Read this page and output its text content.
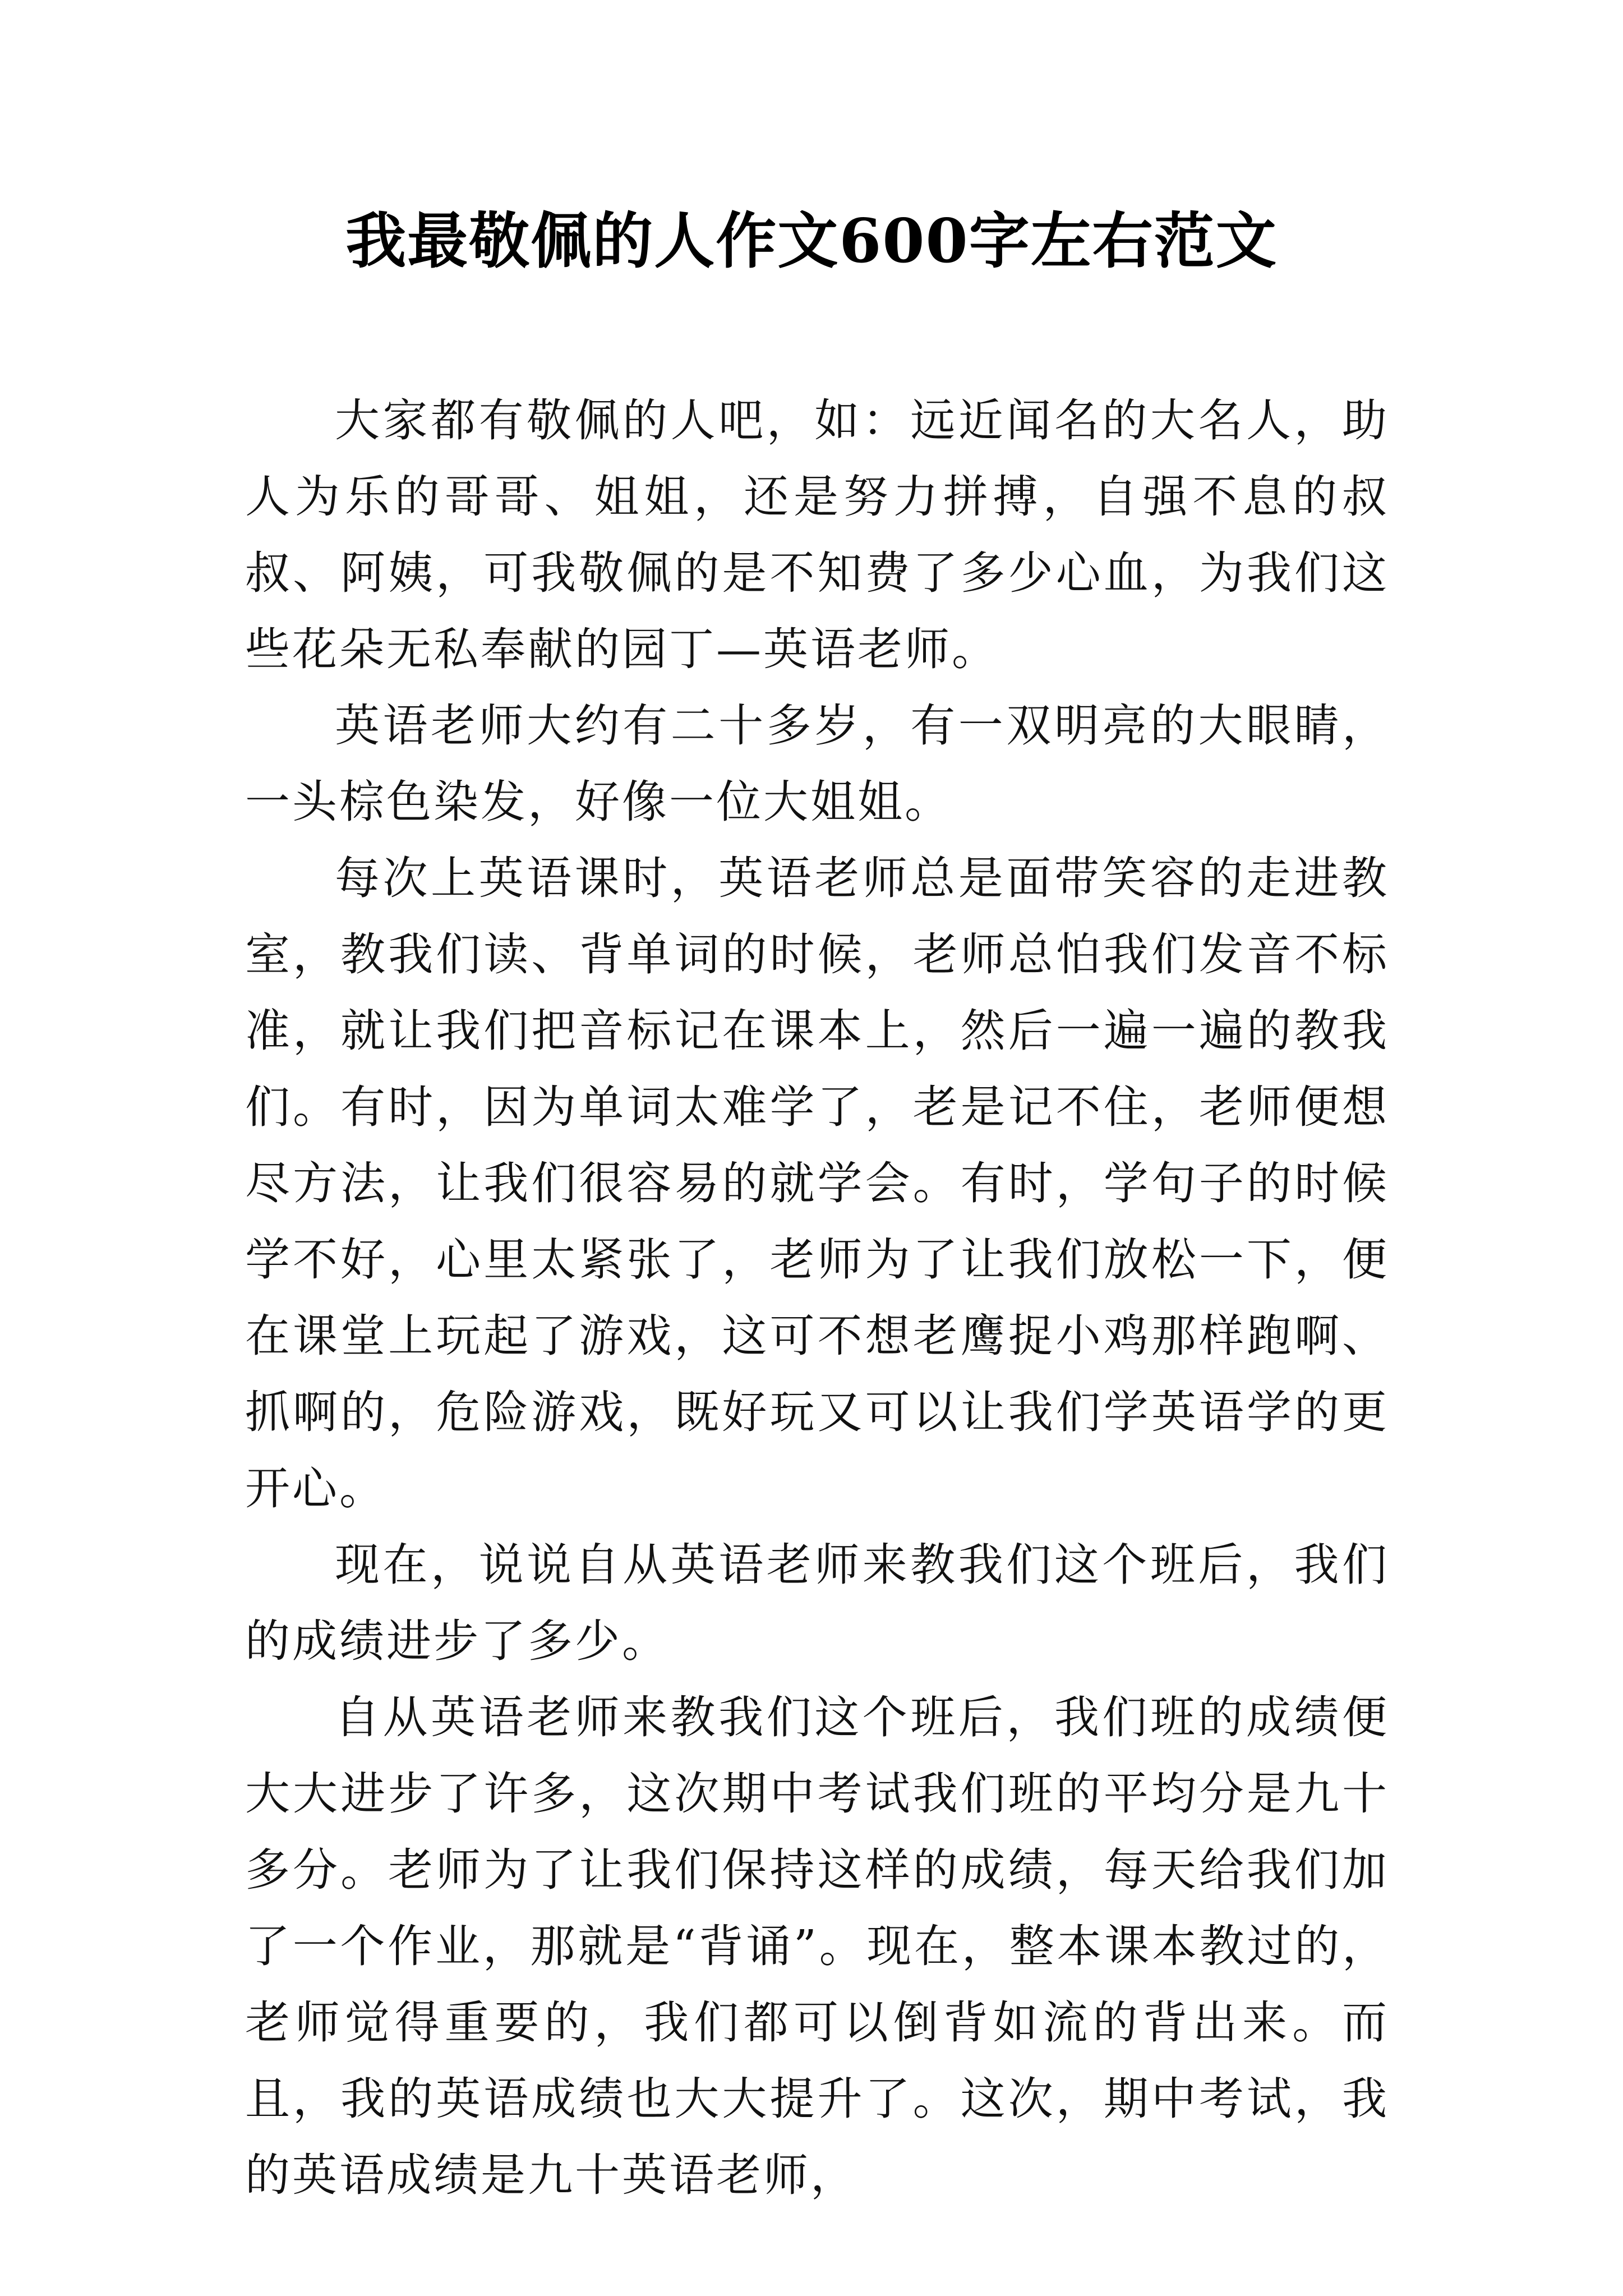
我最敬佩的人作文600字左右范文

大家都有敬佩的人吧，如：远近闻名的大名人，助人为乐的哥哥、姐姐，还是努力拼搏，自强不息的叔叔、阿姨，可我敬佩的是不知费了多少心血，为我们这些花朵无私奉献的园丁—英语老师。

英语老师大约有二十多岁，有一双明亮的大眼睛，一头棕色染发，好像一位大姐姐。

每次上英语课时，英语老师总是面带笑容的走进教室，教我们读、背单词的时候，老师总怕我们发音不标准，就让我们把音标记在课本上，然后一遍一遍的教我们。有时，因为单词太难学了，老是记不住，老师便想尽方法，让我们很容易的就学会。有时，学句子的时候学不好，心里太紧张了，老师为了让我们放松一下，便在课堂上玩起了游戏，这可不想老鹰捉小鸡那样跑啊、抓啊的，危险游戏，既好玩又可以让我们学英语学的更开心。

现在，说说自从英语老师来教我们这个班后，我们的成绩进步了多少。

自从英语老师来教我们这个班后，我们班的成绩便大大进步了许多，这次期中考试我们班的平均分是九十多分。老师为了让我们保持这样的成绩，每天给我们加了一个作业，那就是“背诵”。现在，整本课本教过的，老师觉得重要的，我们都可以倒背如流的背出来。而且，我的英语成绩也大大提升了。这次，期中考试，我的英语成绩是九十英语老师，
